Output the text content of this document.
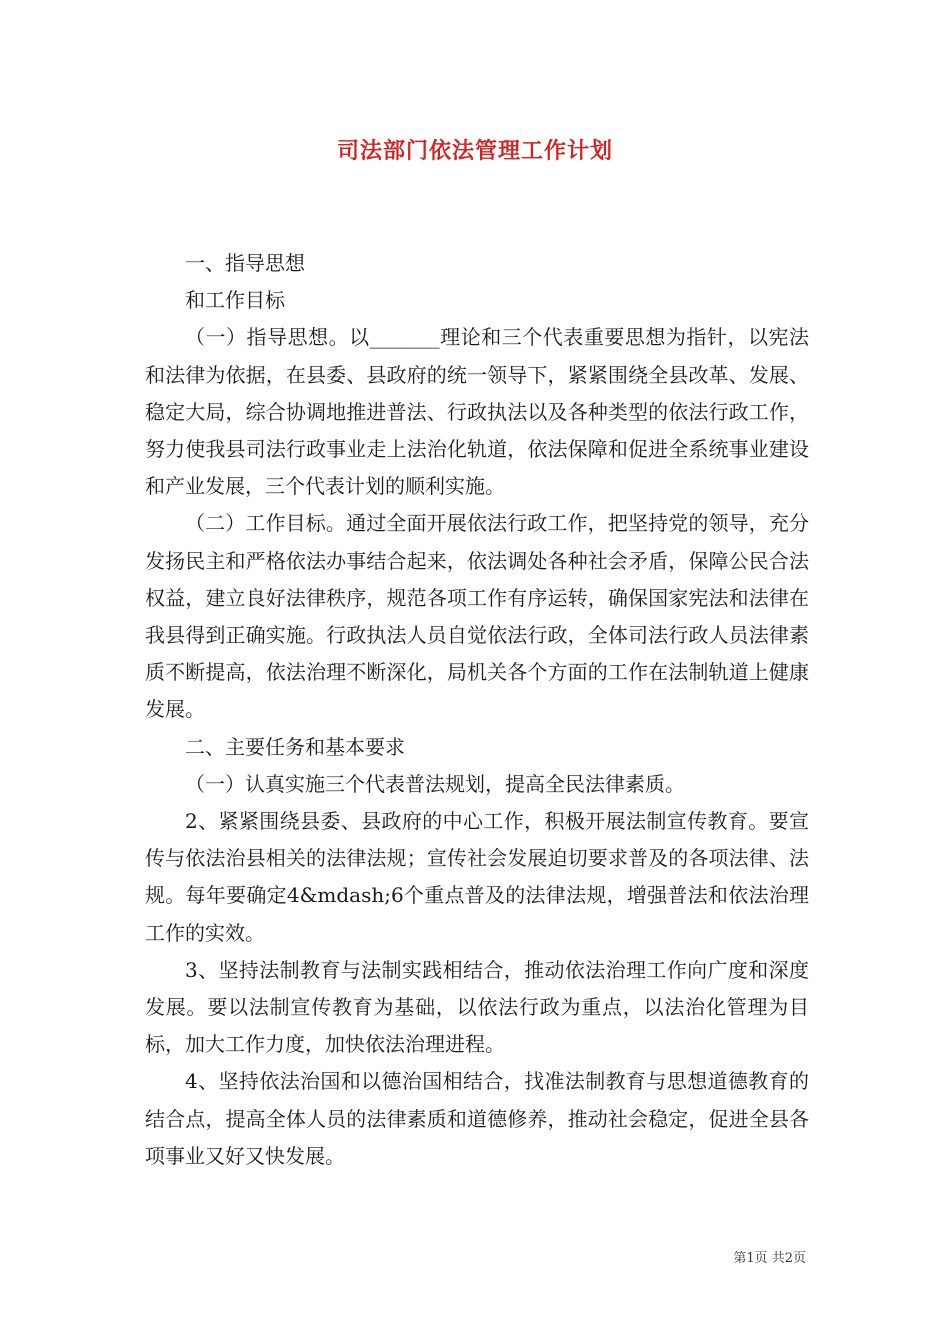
司法部门依法管理工作计划

一、指导思想

和工作目标

（一）指导思想。以_______理论和三个代表重要思想为指针，以宪法和法律为依据，在县委、县政府的统一领导下，紧紧围绕全县改革、发展、稳定大局，综合协调地推进普法、行政执法以及各种类型的依法行政工作，努力使我县司法行政事业走上法治化轨道，依法保障和促进全系统事业建设和产业发展，三个代表计划的顺利实施。

（二）工作目标。通过全面开展依法行政工作，把坚持党的领导，充分发扬民主和严格依法办事结合起来，依法调处各种社会矛盾，保障公民合法权益，建立良好法律秩序，规范各项工作有序运转，确保国家宪法和法律在我县得到正确实施。行政执法人员自觉依法行政，全体司法行政人员法律素质不断提高，依法治理不断深化，局机关各个方面的工作在法制轨道上健康发展。

二、主要任务和基本要求

（一）认真实施三个代表普法规划，提高全民法律素质。

2、紧紧围绕县委、县政府的中心工作，积极开展法制宣传教育。要宣传与依法治县相关的法律法规；宣传社会发展迫切要求普及的各项法律、法规。每年要确定4&mdash;6个重点普及的法律法规，增强普法和依法治理工作的实效。

3、坚持法制教育与法制实践相结合，推动依法治理工作向广度和深度发展。要以法制宣传教育为基础，以依法行政为重点，以法治化管理为目标，加大工作力度，加快依法治理进程。

4、坚持依法治国和以德治国相结合，找准法制教育与思想道德教育的结合点，提高全体人员的法律素质和道德修养，推动社会稳定，促进全县各项事业又好又快发展。

第1页 共2页
